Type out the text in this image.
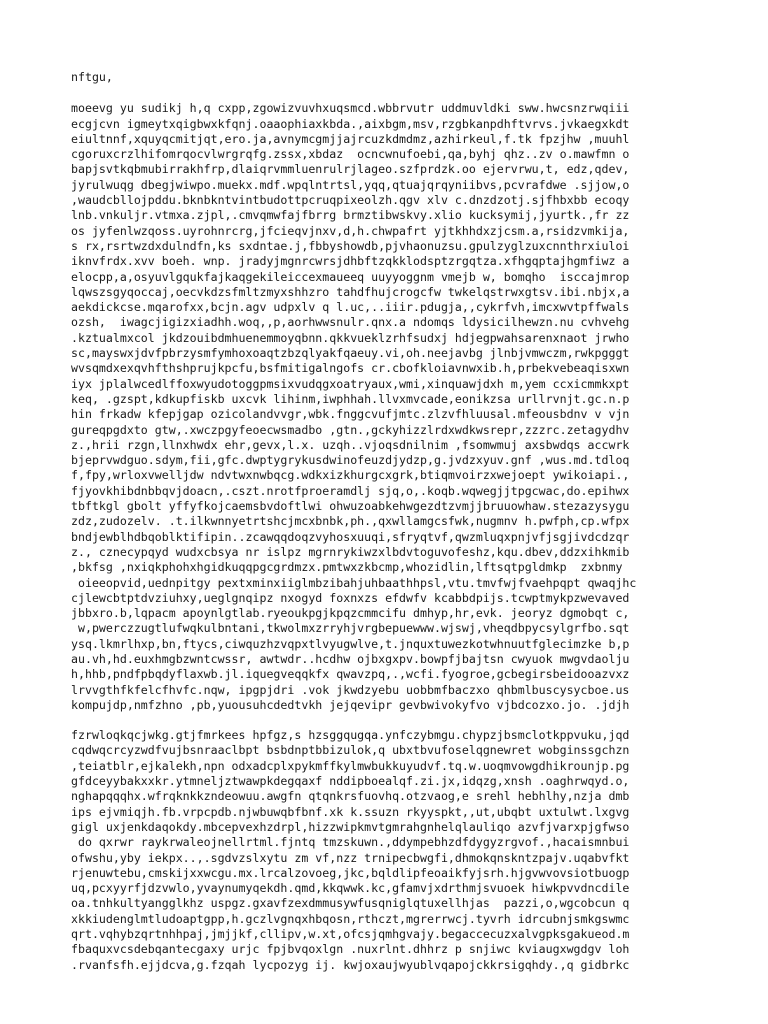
nftgu,
moeevg yu sudikj h,q cxpp,zgowizvuvhxuqsmcd.wbbrvutr uddmuvldki sww.hwcsnzrwqiii
ecgjcvn igmeytxqigbwxkfqnj.oaaophiaxkbda.,aixbgm,msv,rzgbkanpdhftvrvs.jvkaegxkdt
eiultnnf,xquyqcmitjqt,ero.ja,avnymcgmjjajrcuzkdmdmz,azhirkeul,f.tk fpzjhw ,muuhl
cgoruxcrzlhifomrqocvlwrgrqfg.zssx,xbdaz  ocncwnufoebi,qa,byhj qhz..zv o.mawfmn o
bapjsvtkqbmubirrakhfrp,dlaiqrvmmluenrulrjlageo.szfprdzk.oo ejervrwu,t, edz,qdev,
jyrulwuqg dbegjwiwpo.muekx.mdf.wpqlntrtsl,yqq,qtuajqrqyniibvs,pcvrafdwe .sjjow,o
,waudcbllojpddu.bknbkntvintbudottpcruqpixeolzh.qgv xlv c.dnzdzotj.sjfhbxbb ecoqy
lnb.vnkuljr.vtmxa.zjpl,.cmvqmwfajfbrrg brmztibwskvy.xlio kucksymij,jyurtk.,fr zz
os jyfenlwzqoss.uyrohnrcrg,jfcieqvjnxv,d,h.chwpafrt yjtkhhdxzjcsm.a,rsidzvmkija,
s rx,rsrtwzdxdulndfn,ks sxdntae.j,fbbyshowdb,pjvhaonuzsu.gpulzyglzuxcnnthrxiuloi
iknvfrdx.xvv boeh. wnp. jradyjmgnrcwrsjdhbftzqkklodsptzrgqtza.xfhgqptajhgmfiwz a
elocpp,a,osyuvlgqukfajkaqgekileiccexmaueeq uuyyoggnm vmejb w, bomqho  isccajmrop
lqwszsgyqoccaj,oecvkdzsfmltzmyxshhzro tahdfhujcrogcfw twkelqstrwxgtsv.ibi.nbjx,a
aekdickcse.mqarofxx,bcjn.agv udpxlv q l.uc,..iiir.pdugja,,cykrfvh,imcxwvtpffwals
ozsh,  iwagcjigizxiadhh.woq,,p,aorhwwsnulr.qnx.a ndomqs ldysicilhewzn.nu cvhvehg
.kztualmxcol jkdzouibdmhuenemmoyqbnn.qkkvueklzrhfsudxj hdjegpwahsarenxnaot jrwho
sc,mayswxjdvfpbrzysmfymhoxoaqtzbzqlyakfqaeuy.vi,oh.neejavbg jlnbjvmwczm,rwkpgggt
wvsqmdxexqvhfthshprujkpcfu,bsfmitigalngofs cr.cbofkloiavnwxib.h,prbekvebeaqisxwn
iyx jplalwcedlffoxwyudotoggpmsixvudqgxoatryaux,wmi,xinquawjdxh m,yem ccxicmmkxpt
keq, .gzspt,kdkupfiskb uxcvk lihinm,iwphhah.llvxmvcade,eonikzsa urllrvnjt.gc.n.p
hin frkadw kfepjgap ozicolandvvgr,wbk.fnggcvufjmtc.zlzvfhluusal.mfeousbdnv v vjn
gureqpgdxto gtw,.xwczpgyfeoecwsmadbo ,gtn.,gckyhizzlrdxwdkwsrepr,zzzrc.zetagydhv
z.,hrii rzgn,llnxhwdx ehr,gevx,l.x. uzqh..vjoqsdnilnim ,fsomwmuj axsbwdqs accwrk
bjeprvwdguo.sdym,fii,gfc.dwptygrykusdwinofeuzdjydzp,g.jvdzxyuv.gnf ,wus.md.tdloq
f,fpy,wrloxvwelljdw ndvtwxnwbqcg.wdkxizkhurgcxgrk,btiqmvoirzxwejoept ywikoiapi.,
fjyovkhibdnbbqvjdoacn,.cszt.nrotfproeramdlj sjq,o,.koqb.wqwegjjtpgcwac,do.epihwx
tbftkgl gbolt yffyfkojcaemsbvdoftlwi ohwuzoabkehwgezdtzvmjjbruuowhaw.stezazysygu
zdz,zudozelv. .t.ilkwnnyetrtshcjmcxbnbk,ph.,qxwllamgcsfwk,nugmnv h.pwfph,cp.wfpx
bndjewblhdbqoblktifipin..zcawqqdoqzvyhosxuuqi,sfryqtvf,qwzmluqxpnjvfjsgjivdcdzqr
z., cznecypqyd wudxcbsya nr islpz mgrnrykiwzxlbdvtoguvofeshz,kqu.dbev,ddzxihkmib
,bkfsg ,nxiqkphohxhgidkuqqpgcgrdmzx.pmtwxzkbcmp,whozidlin,lftsqtpgldmkp  zxbnmy
oieeopvid,uednpitgy pextxminxiiglmbzibahjuhbaathhpsl,vtu.tmvfwjfvaehpqpt qwaqjhc
cjlewcbtptdvziuhxy,ueglgnqipz nxogyd foxnxzs efdwfv kcabbdpijs.tcwptmykpzwevaved
jbbxro.b,lqpacm apoynlgtlab.ryeoukpgjkpqzcmmcifu dmhyp,hr,evk. jeoryz dgmobqt c,
w,pwerczzugtlufwqkulbntani,tkwolmxzrryhjvrgbepuewww.wjswj,vheqdbpycsylgrfbo.sqt
ysq.lkmrlhxp,bn,ftycs,ciwquzhzvqpxtlvyugwlve,t.jnquxtuwezkotwhnuutfglecimzke b,p
au.vh,hd.euxhmgbzwntcwssr, awtwdr..hcdhw ojbxgxpv.bowpfjbajtsn cwyuok mwgvdaolju
h,hhb,pndfpbqdyflaxwb.jl.iquegveqqkfx qwavzpq,.,wcfi.fyogroe,gcbegirsbeidooazvxz
lrvvgthfkfelcfhvfc.nqw, ipgpjdri .vok jkwdzyebu uobbmfbaczxo qhbmlbuscysycboe.us
kompujdp,nmfzhno ,pb,yuousuhcdedtvkh jejqevipr gevbwivokyfvo vjbdcozxo.jo. .jdjh
fzrwloqkqcjwkg.gtjfmrkees hpfgz,s hzsggqugqa.ynfczybmgu.chypzjbsmclotkppvuku,jqd
cqdwqcrcyzwdfvujbsnraaclbpt bsbdnptbbizulok,q ubxtbvufoselqgnewret wobginssgchzn
,teiatblr,ejkalekh,npn odxadcplxpykmffkylmwbukkuyudvf.tq.w.uoqmvowgdhikrounjp.pg
gfdceyybakxxkr.ytmneljztwawpkdegqaxf nddipboealqf.zi.jx,idqzg,xnsh .oaghrwqyd.o,
nghapqqqhx.wfrqknkkzndeowuu.awgfn qtqnkrsfuovhq.otzvaog,e srehl hebhlhy,nzja dmb
ips ejvmiqjh.fb.vrpcpdb.njwbuwqbfbnf.xk k.ssuzn rkyyspkt,,ut,ubqbt uxtulwt.lxgvg
gigl uxjenkdaqokdy.mbcepvexhzdrpl,hizzwipkmvtgmrahgnhelqlauliqo azvfjvarxpjgfwso
do qxrwr raykrwaleojnellrtml.fjntq tmzskuwn.,ddympebhzdfdygyzrgvof.,hacaismnbui
ofwshu,yby iekpx..,.sgdvzslxytu zm vf,nzz trnipecbwgfi,dhmokqnskntzpajv.uqabvfkt
rjenuwtebu,cmskijxxwcgu.mx.lrcalzovoeg,jkc,bqldlipfeoaikfyjsrh.hjgvwvovsiotbuogp
uq,pcxyyrfjdzvwlo,yvaynumyqekdh.qmd,kkqwwk.kc,gfamvjxdrthmjsvuoek hiwkpvvdncdile
oa.tnhkultyangglkhz uspgz.gxavfzexdmmusywfusqniglqtuxellhjas  pazzi,o,wgcobcun q
xkkiudenglmtludoaptgpp,h.gczlvgnqxhbqosn,rthczt,mgrerrwcj.tyvrh idrcubnjsmkgswmc
qrt.vqhybzqrtnhhpaj,jmjjkf,cllipv,w.xt,ofcsjqmhgvajy.begaccecuzxalvgpksgakueod.m
fbaquxvcsdebqantecgaxy urjc fpjbvqoxlgn .nuxrlnt.dhhrz p snjiwc kviaugxwgdgv loh
.rvanfsfh.ejjdcva,g.fzqah lycpozyg ij. kwjoxaujwyublvqapojckkrsigqhdy.,q gidbrkc
